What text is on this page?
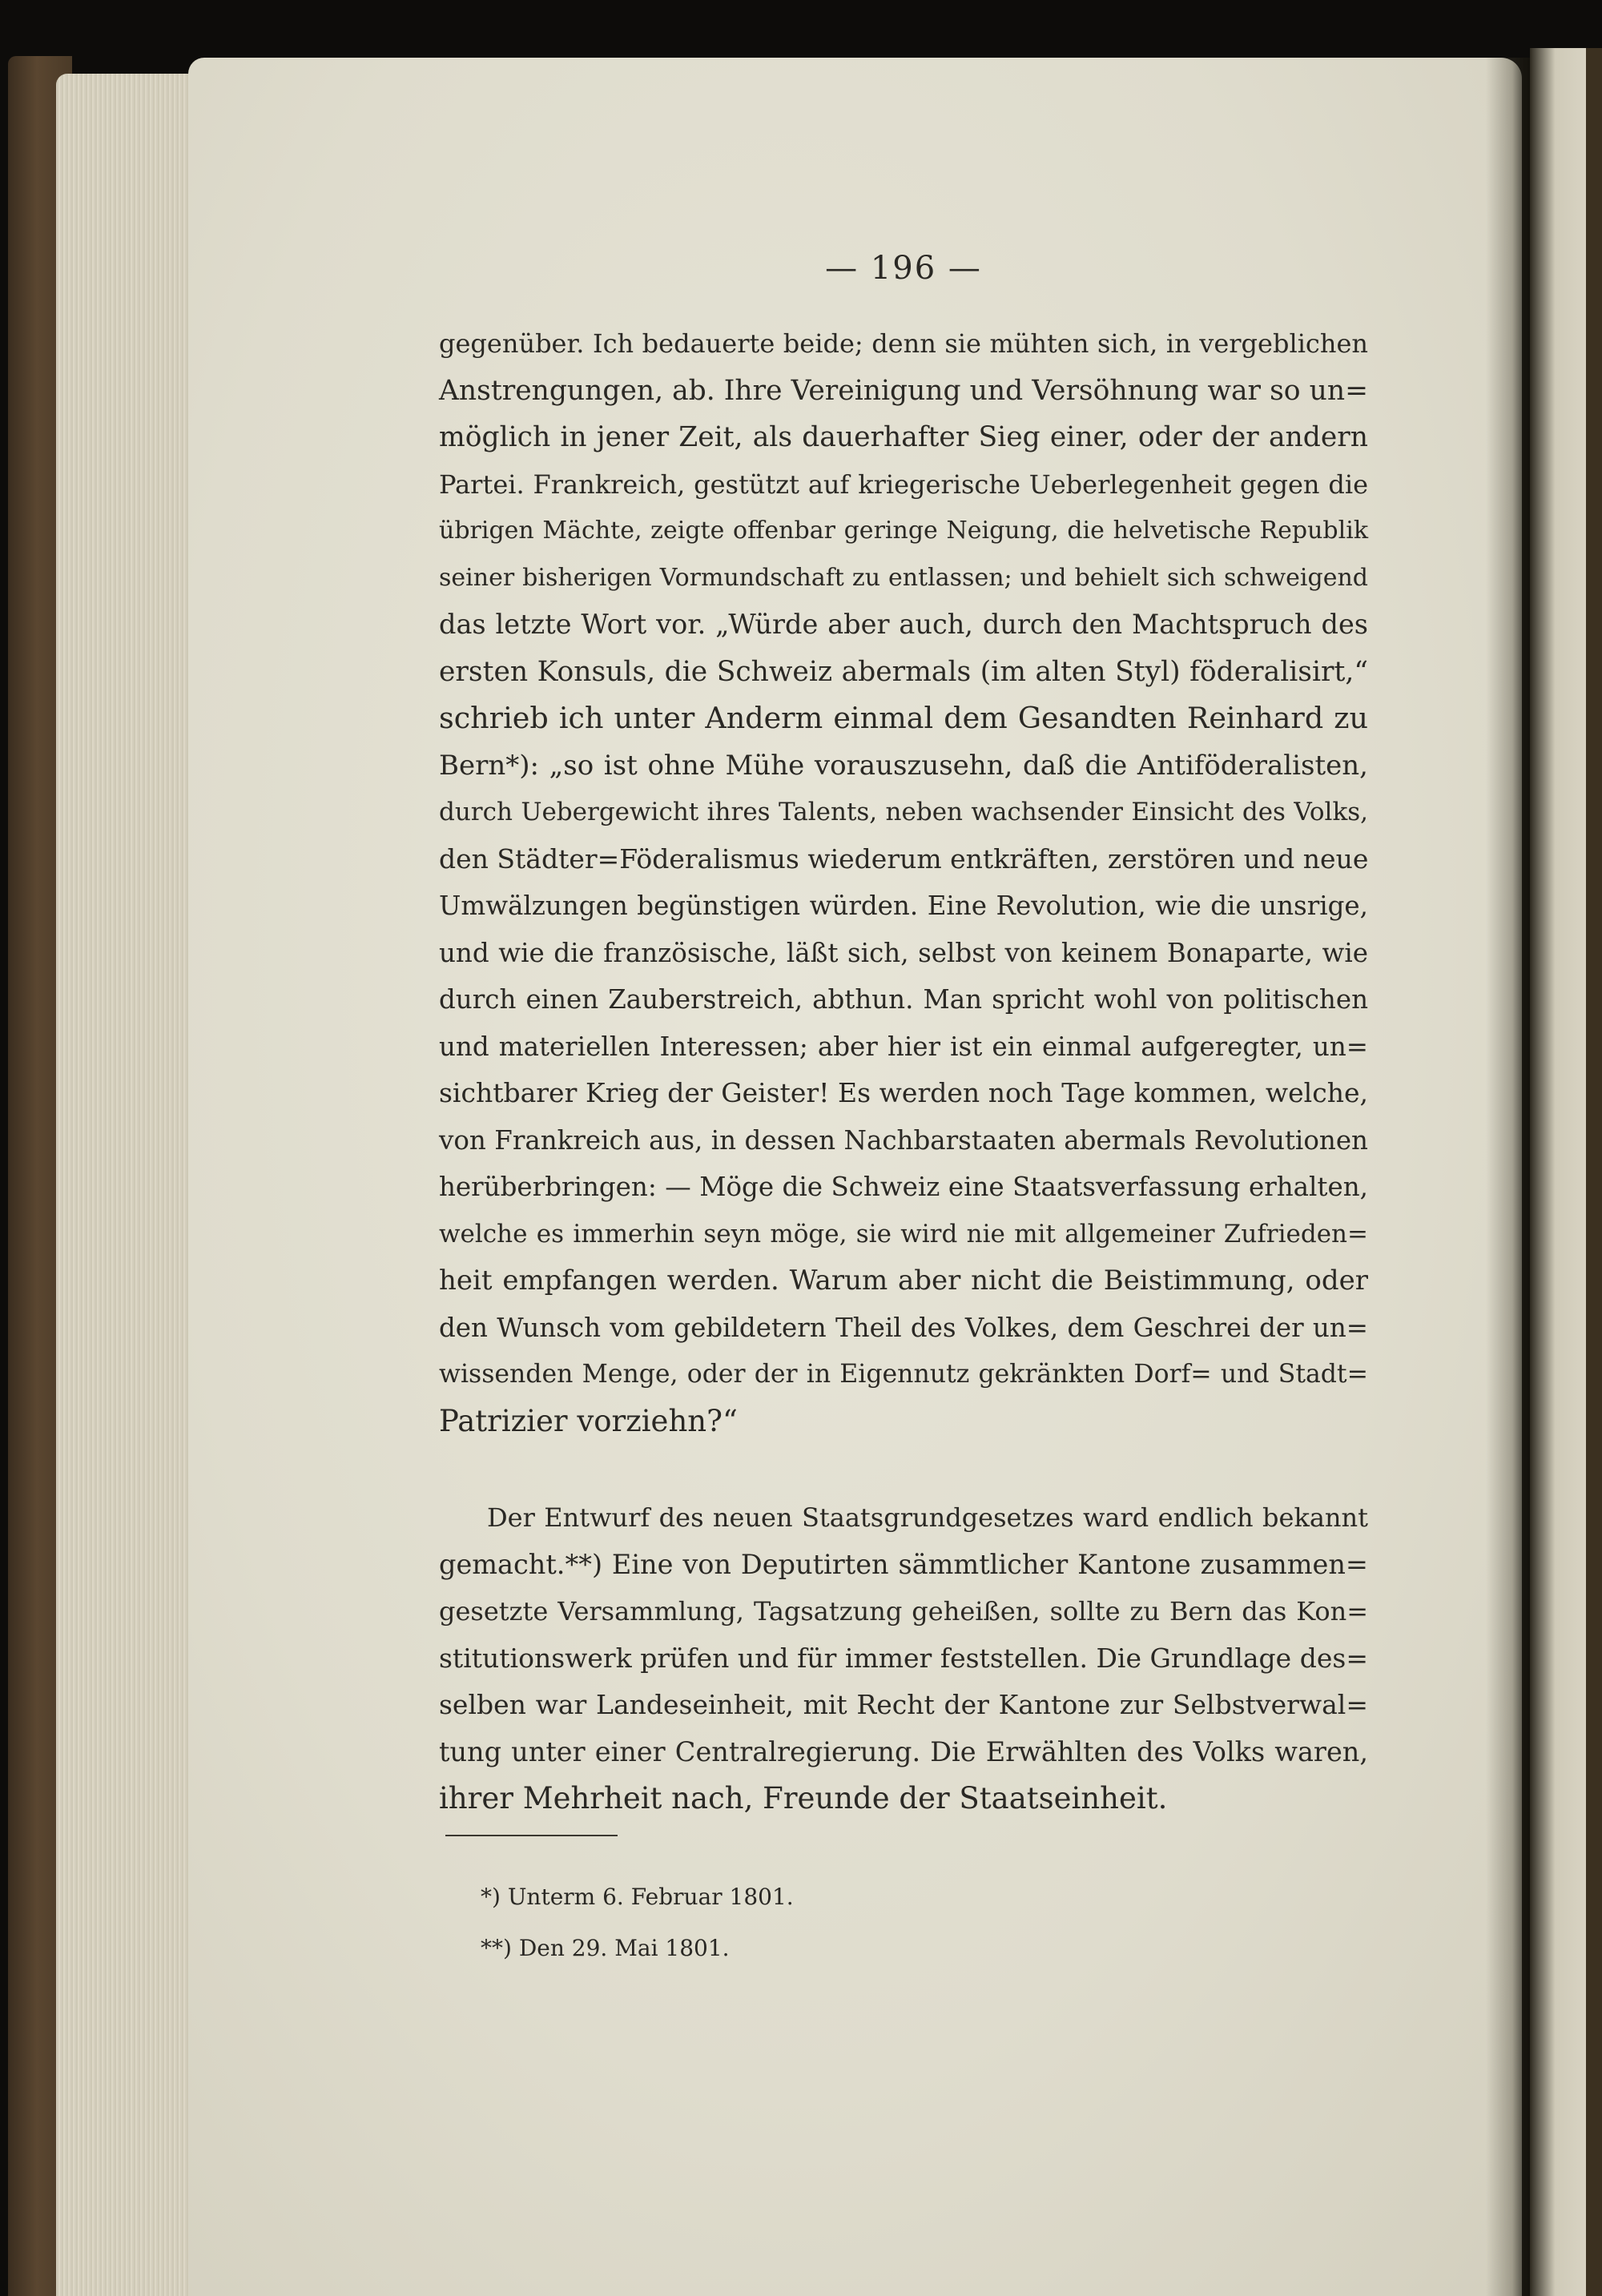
— 196 —
gegenüber. Ich bedauerte beide; denn sie mühten sich, in vergeblichen
Anstrengungen, ab. Ihre Vereinigung und Versöhnung war so un=
möglich in jener Zeit, als dauerhafter Sieg einer, oder der andern
Partei. Frankreich, gestützt auf kriegerische Ueberlegenheit gegen die
übrigen Mächte, zeigte offenbar geringe Neigung, die helvetische Republik
seiner bisherigen Vormundschaft zu entlassen; und behielt sich schweigend
das letzte Wort vor. „Würde aber auch, durch den Machtspruch des
ersten Konsuls, die Schweiz abermals (im alten Styl) föderalisirt,“
schrieb ich unter Anderm einmal dem Gesandten Reinhard zu
Bern*): „so ist ohne Mühe vorauszusehn, daß die Antiföderalisten,
durch Uebergewicht ihres Talents, neben wachsender Einsicht des Volks,
den Städter=Föderalismus wiederum entkräften, zerstören und neue
Umwälzungen begünstigen würden. Eine Revolution, wie die unsrige,
und wie die französische, läßt sich, selbst von keinem Bonaparte, wie
durch einen Zauberstreich, abthun. Man spricht wohl von politischen
und materiellen Interessen; aber hier ist ein einmal aufgeregter, un=
sichtbarer Krieg der Geister! Es werden noch Tage kommen, welche,
von Frankreich aus, in dessen Nachbarstaaten abermals Revolutionen
herüberbringen: — Möge die Schweiz eine Staatsverfassung erhalten,
welche es immerhin seyn möge, sie wird nie mit allgemeiner Zufrieden=
heit empfangen werden. Warum aber nicht die Beistimmung, oder
den Wunsch vom gebildetern Theil des Volkes, dem Geschrei der un=
wissenden Menge, oder der in Eigennutz gekränkten Dorf= und Stadt=
Patrizier vorziehn?“
Der Entwurf des neuen Staatsgrundgesetzes ward endlich bekannt
gemacht.**) Eine von Deputirten sämmtlicher Kantone zusammen=
gesetzte Versammlung, Tagsatzung geheißen, sollte zu Bern das Kon=
stitutionswerk prüfen und für immer feststellen. Die Grundlage des=
selben war Landeseinheit, mit Recht der Kantone zur Selbstverwal=
tung unter einer Centralregierung. Die Erwählten des Volks waren,
ihrer Mehrheit nach, Freunde der Staatseinheit.
*) Unterm 6. Februar 1801.
**) Den 29. Mai 1801.
